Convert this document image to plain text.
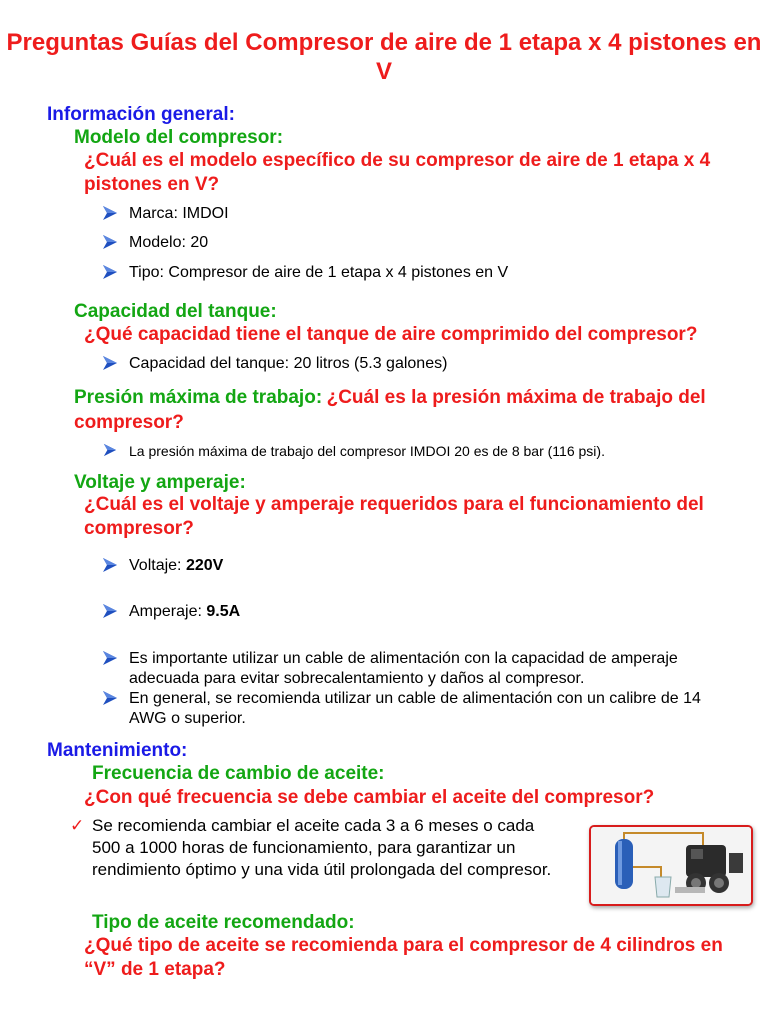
Preguntas Guías del Compresor de aire de 1 etapa x 4 pistones en V
Información general:
Modelo del compresor:
¿Cuál es el modelo específico de su compresor de aire de 1 etapa x 4 pistones en V?
Marca: IMDOI
Modelo: 20
Tipo: Compresor de aire de 1 etapa x 4 pistones en V
Capacidad del tanque:
¿Qué capacidad tiene el tanque de aire comprimido del compresor?
Capacidad del tanque: 20 litros (5.3 galones)
Presión máxima de trabajo: ¿Cuál es la presión máxima de trabajo del compresor?
La presión máxima de trabajo del compresor IMDOI 20 es de 8 bar (116 psi).
Voltaje y amperaje:
¿Cuál es el voltaje y amperaje requeridos para el funcionamiento del compresor?
Voltaje: 220V
Amperaje: 9.5A
Es importante utilizar un cable de alimentación con la capacidad de amperaje adecuada para evitar sobrecalentamiento y daños al compresor.
En general, se recomienda utilizar un cable de alimentación con un calibre de 14 AWG o superior.
Mantenimiento:
Frecuencia de cambio de aceite:
¿Con qué frecuencia se debe cambiar el aceite del compresor?
✓ Se recomienda cambiar el aceite cada 3 a 6 meses o cada 500 a 1000 horas de funcionamiento, para garantizar un rendimiento óptimo y una vida útil prolongada del compresor.
Tipo de aceite recomendado:
¿Qué tipo de aceite se recomienda para el compresor de 4 cilindros en “V” de 1 etapa?
